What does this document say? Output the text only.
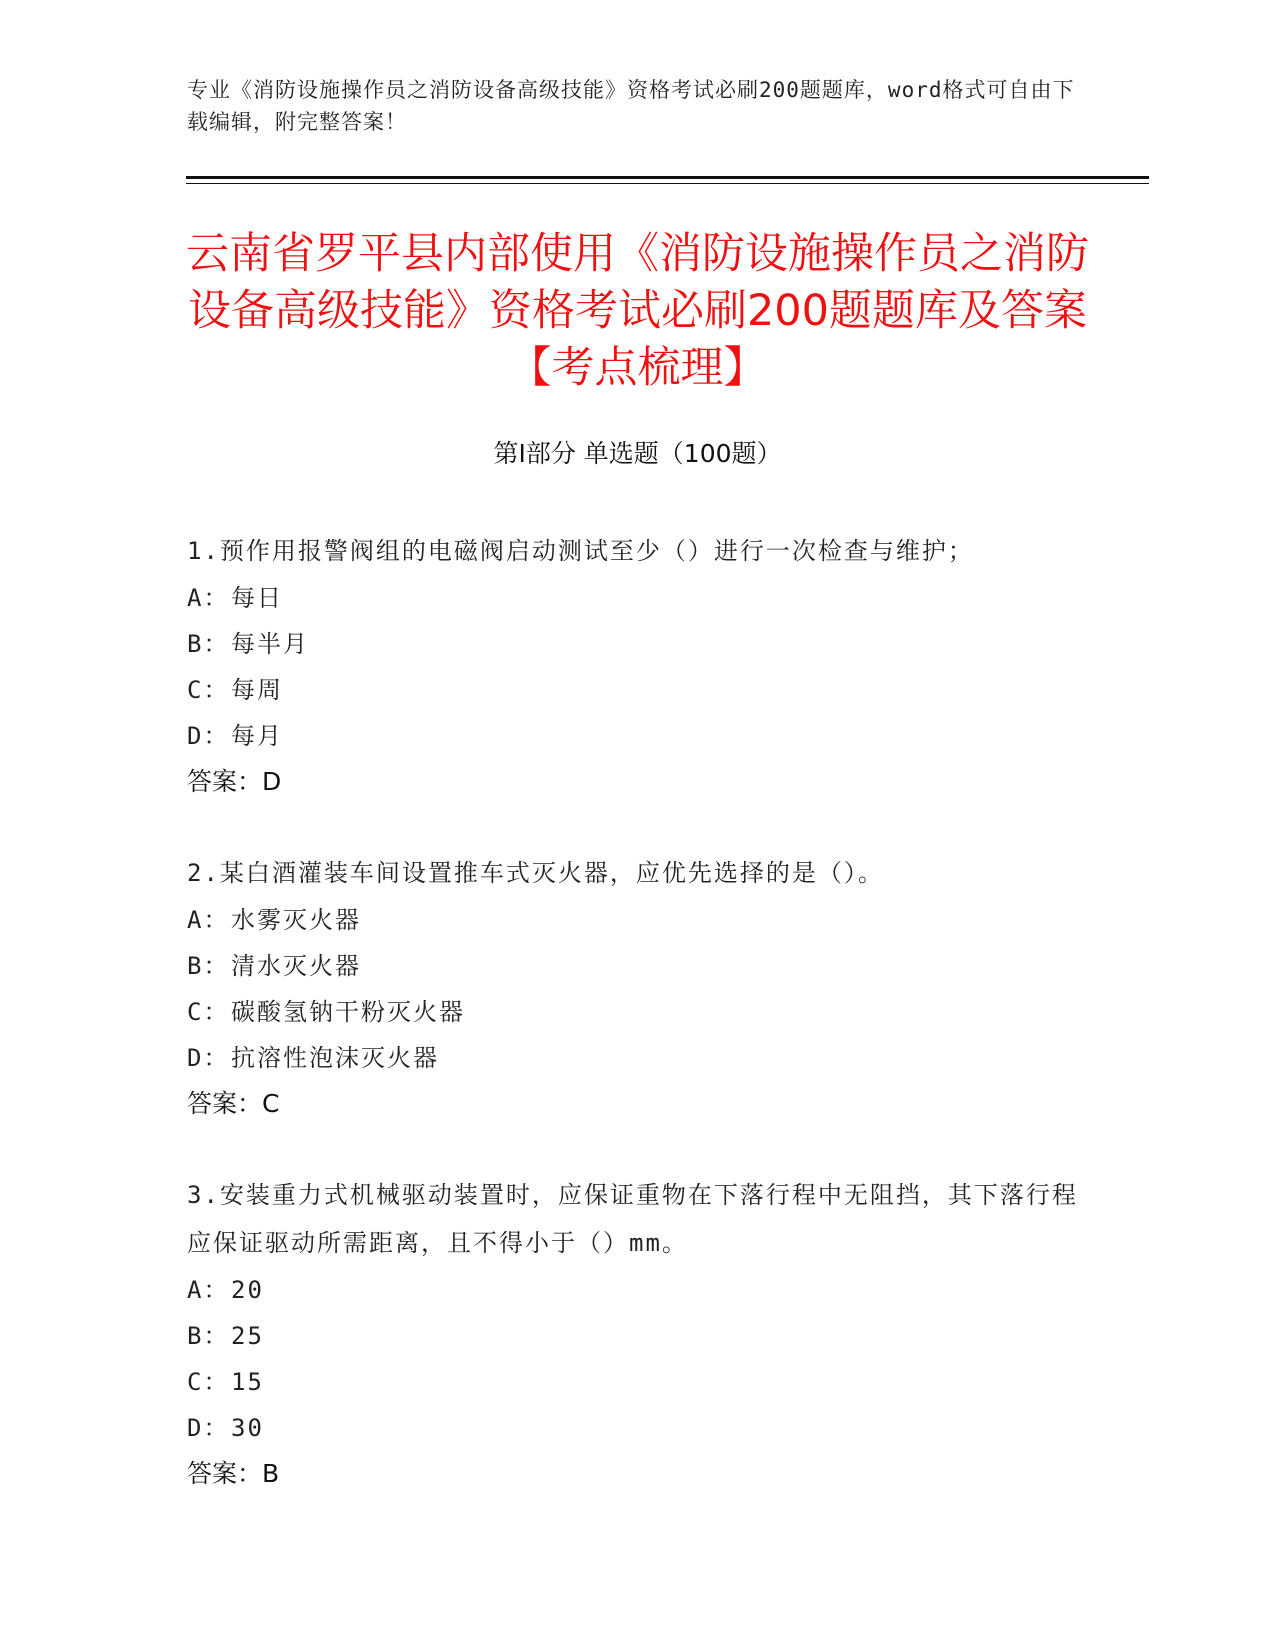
专业《消防设施操作员之消防设备高级技能》资格考试必刷200题题库，word格式可自由下载编辑，附完整答案！
云南省罗平县内部使用《消防设施操作员之消防设备高级技能》资格考试必刷200题题库及答案【考点梳理】
第I部分 单选题（100题）
1.预作用报警阀组的电磁阀启动测试至少（）进行一次检查与维护；
A：每日
B：每半月
C：每周
D：每月
答案：D
2.某白酒灌装车间设置推车式灭火器，应优先选择的是（）。
A：水雾灭火器
B：清水灭火器
C：碳酸氢钠干粉灭火器
D：抗溶性泡沫灭火器
答案：C
3.安装重力式机械驱动装置时，应保证重物在下落行程中无阻挡，其下落行程应保证驱动所需距离，且不得小于（）mm。
A：20
B：25
C：15
D：30
答案：B
